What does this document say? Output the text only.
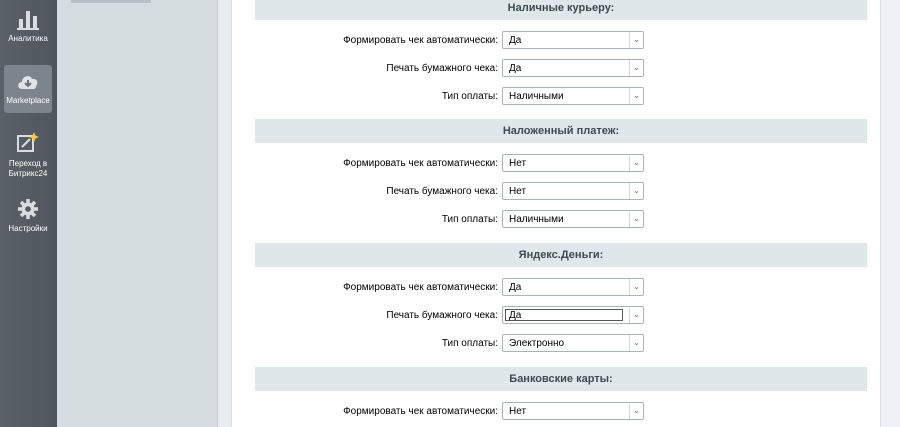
Аналитика
Marketplace
Переход в Битрикс24
Настройки
Наличные курьеру:
Формировать чек автоматически: Да	⌄
Печать бумажного чека: Да	⌄
Тип оплаты: Наличными	⌄
Наложенный платеж:
Формировать чек автоматически: Нет	⌄
Печать бумажного чека: Нет	⌄
Тип оплаты: Наличными	⌄
Яндекс.Деньги:
Формировать чек автоматически: Да	⌄
Печать бумажного чека:	Да	⌄
Тип оплаты: Электронно	⌄
Банковские карты:
Формировать чек автоматически: Нет	⌄
